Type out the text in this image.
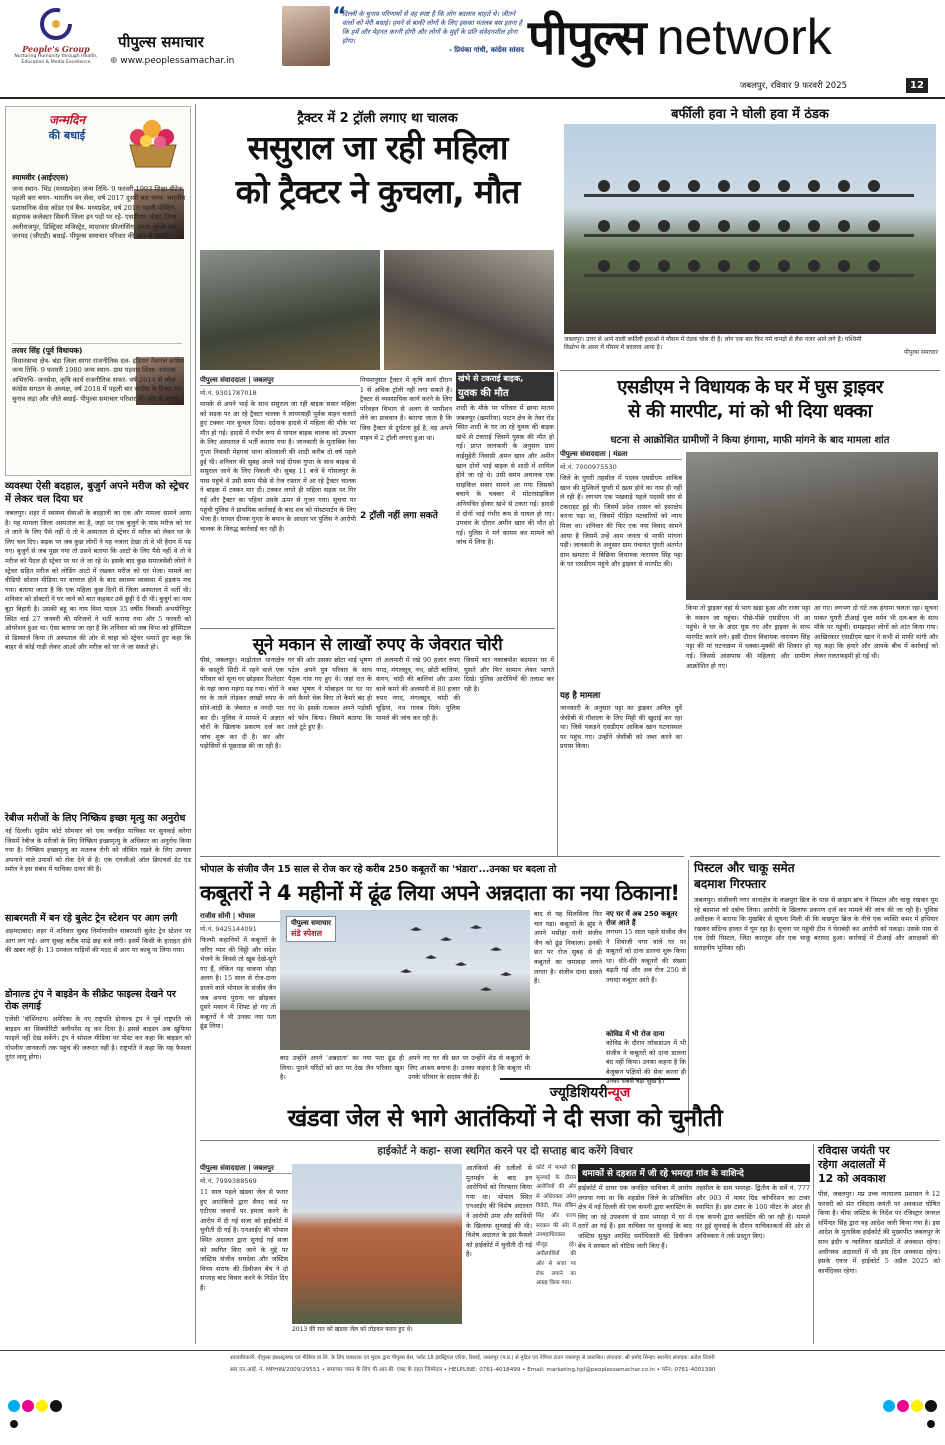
People's Group
Nurturing Humanity through Health, Education & Media Excellence
पीपुल्स समाचार
⊕ www.peoplessamachar.in
“
दिल्ली के चुनाव परिणामों से वह स्पष्ट है कि लोग बदलाव चाहते थे। जीतने वालों को मेरी बधाई। हमने से बाकी लोगों के लिए इसका मतलब बस इतना है कि हमें और मेहनत करनी होगी और लोगों के मुद्दों के प्रति संवेदनशील होना होगा।
- प्रियंका गांधी, कांग्रेस सांसद पीपुल्स network
जबलपुर, रविवार 9 फरवरी 2025	12
जन्मदिन
की बधाई
श्यामवीर (आईएएस)
जन्म स्थान- भिंड (मध्यप्रदेश) जन्म तिथि- 9 फरवरी 1993 शिक्षा-बीटेक पहली बार चयन- भारतीय वन सेवा, वर्ष 2017 दूसरी बार चयन- भारतीय प्रशासनिक सेवा कॉडर एवं बैच- मध्यप्रदेश, वर्ष 2018 पहली पोस्टिंग- सहायक कलेक्टर सिवनी जिला इन पदों पर रहे- एसडीएम जोबट जिला अलीराजपुर, डिस्ट्रिक्ट मजिस्ट्रेट, मादरवार फ्रीलांसिंग, प्रभार मुक्ति तक - जनपद (जीएडी) बधाई- पीपुल्स समाचार परिवार की ओर से बधाई।
तरवर सिंह (पूर्व विधायक)
विधानसभा क्षेत्र- बंडा जिला सागर राजनीतिक दल- इंडियन नेशनल कांग्रेस जन्म तिथि- 9 फरवरी 1980 जन्म स्थान- ग्राम पड़वार शिक्षा- स्नातक अभिरुचि- जनसेवा, कृषि कार्य राजनीतिक सफर- वर्ष 2014 से लोक कांग्रेस सगठन के अध्यक्ष, वर्ष 2018 में पहली बार कांग्रेस के टिकट पर चुनाव लड़ा और जीते बधाई- पीपुल्स समाचार परिवार की ओर से बधाई
व्यवस्था ऐसी बदहाल, बुजुर्ग अपने मरीज को स्ट्रेचर में लेकर चल दिया घर
जबलपुर। शहर में स्वास्थ्य सेवाओं के बदहाली का एक और मामला सामने आया है। यह मामला जिला अस्पताल का है, जहां पर एक बुजुर्ग के पास मरीज को घर ले जाने के लिए पैसे नहीं थे तो वे अस्पताल से स्ट्रेचर में मरीज को लेकर घर के लिए चल दिए। सड़क पर जब कुछ लोगों ने यह नजारा देखा तो वे भी हैरान में पड़ गए। बुजुर्ग से जब पूछा गया तो उसने बताया कि आटो के लिए पैसे नहीं थे तो वे मरीज को पैदल ही स्ट्रेचर पर घर ले जा रहे थे। इसके बाद कुछ समाजसेवी लोगों ने स्ट्रेचर सहित मरीज को लोडिंग आटो में रखकर मरीज को घर भेजा। मामले का वीडियो सोशल मीडिया पर वायरल होने के बाद स्वास्थ्य व्यवस्था में हड़कंप मच गया। बताया जाता है कि एक महिला कुछ दिनों से जिला अस्पताल में भर्ती थी। शनिवार को डॉक्टरों ने घर जाने को बात कहकर उसे छुट्टी दे दी थी। बुजुर्ग का नाम बूटा बिहारी है। उसकी बहू का नाम विमा यादव 35 वर्षीय निवासी अभयोनिपुर स्थित वार्ड 27 जनवरी की परिजनों ने भर्ती कराया गया और 5 फरवरी को ऑपरेशन हुआ था। ऐसा बताया जा रहा है कि शनिवार को जब विभा को हॉस्पिटल से डिस्चार्ज किया तो अस्पताल की ओर से चाहा को स्ट्रेचर थमाते हुए कहा कि बाहर से कोई गाड़ी लेकर आओ और मरीज को घर ले जा सकते हो।
रेबीज मरीजों के लिए निष्क्रिय इच्छा मृत्यु का अनुरोध
नई दिल्ली। सुप्रीम कोर्ट सोमवार को एक जनहित याचिका पर सुनवाई करेगा जिसमें रेबीज के मरीजों के लिए निष्क्रिय इच्छामृत्यु के अधिकार का अनुरोध किया गया है। निष्क्रिय इच्छामृत्यु का मतलब रोगी को जीवित रखने के लिए उपचार अपनाने वाले उपायों को रोक देने से है। एक एनजीओ ऑल क्रिएचर्स ग्रेट एंड स्मॉल ने इस संबंध में याचिका दायर की है।
साबरमती में बन रहे बुलेट ट्रेन स्टेशन पर आग लगी
अहमदाबाद। शहर में शनिवार सुबह निर्माणाधीन साबरमती बुलेट ट्रेन स्टेशन पर आग लग गई। आग सुबह करीब साढ़े छह बजे लगी। इसमें किसी के हताहत होने की खबर नहीं है। 13 दमकल गाड़ियों की मदद से आग पर काबू पा लिया गया।
डोनाल्ड ट्रंप ने बाइडेन के सीक्रेट फाइल्स देखने पर रोक लगाई
एजेंसी 'वॉशिंगटन। अमेरिका के नए राष्ट्रपति डोनाल्ड ट्रंप ने पूर्व राष्ट्रपति जो बाइडन का सिक्योरिटी क्लीयरेंस रद्द कर दिया है। इससे बाइडन अब खुफिया फाइलें नहीं देख सकेंगे। ट्रंप ने सोशल मीडिया पर पोस्ट कर कहा कि बाइडन को गोपनीय जानकारी तक पहुंच की जरूरत नहीं है। राष्ट्रपति ने कहा कि यह फैसला तुरंत लागू होगा।
ट्रैक्टर में 2 ट्रॉली लगाए था चालक
ससुराल जा रही महिला
को ट्रैक्टर ने कुचला, मौत
पीपुल्स संवाददाता | जबलपुर
मो.नं. 9301787018
मायके से अपने भाई के साथ ससुराल जा रही बाइक सवार महिला को सड़क पर आ रहे ट्रैक्टर चालक ने लापरवाही पूर्वक वाहन चलाते हुए टक्कर मार कुचल दिया। दर्दनाक हादसे में महिला की मौके पर मौत हो गई। हादसे में गंभीर रूप से घायल बाइक चालक को उपचार के लिए अस्पताल में भर्ती कराया गया है। जानकारी के मुताबिक रेवा गुप्ता निवासी मेहगवां थाना कोतवाली की शादी करीब दो वर्ष पहले हुई थी। शनिवार की सुबह अपने भाई दीपक गुप्ता के साथ बाइक से ससुराल जाने के लिए निकली थी। सुबह 11 बजे वे गोसलपुर के पास पहुंचे थे उसी समय पीछे से तेज रफ्तार में आ रहे ट्रैक्टर चालक ने बाइक में टक्कर मार दी। टक्कर लगते ही महिला सड़क पर गिर गई और ट्रैक्टर का पहिया उसके ऊपर से गुजर गया। सूचना पर पहुंची पुलिस ने प्राथमिक कार्रवाई के बाद शव को पोस्टमार्टम के लिए भेजा है। घायल दीपक गुप्ता के बयान के आधार पर पुलिस ने आरोपी चालक के विरुद्ध कार्रवाई कर रही है।
नियमानुसार ट्रैक्टर में कृषि कार्य दौरान 1 से अधिक ट्रॉली नहीं लगा सकते हैं। ट्रैक्टर से व्यवसायिक कार्य करने के लिए परिवहन विभाग से अलग से परमीशन लेने का प्रावधान है। बताया जाता है कि जिस ट्रैक्टर से दुर्घटना हुई है, वह अपने वाहन में 2 ट्रॉली लगाए हुआ था।
2 ट्रॉली नहीं लगा सकते
खंभे से टकराई बाइक,
युवक की मौत
शादी के मौके पर परिवार में छाया मातम जबलपुर (खमरिया) पाटन क्षेत्र के तेवर रोड स्थित शादी के घर जा रहे युवक की बाइक खंभे से टकराई जिसमें युवक की मौत हो गई। प्राप्त जानकारी के अनुसार ग्राम वाईमुहेरी निवासी अमन खान और अमीन खान दोनों भाई बाइक से शादी में शामिल होने जा रहे थे। उसी समय अचानक एक साइकिल सवार सामने आ गया जिसको बचाने के चक्कर में मोटरसाइकिल अनियंत्रित होकर खंभे से टकरा गई। हादसे में दोनों भाई गंभीर रूप से घायल हो गए। उपचार के दौरान अमीन खान की मौत हो गई। पुलिस ने मर्ग कायम कर मामले को जांच में लिया है।
बर्फीली हवा ने घोली हवा में ठंडक
जबलपुर। उत्तर से आने वाली बर्फीली हवाओं ने मौसम में ठंडक घोल दी है। लोग एक बार फिर गर्म कपड़ों से लैस नजर आने लगे हैं। पश्चिमी विक्षोभ के असर में मौसम में बदलाव आया है।
पीपुल्स समाचार
एसडीएम ने विधायक के घर में घुस ड्राइवर
से की मारपीट, मां को भी दिया धक्का
घटना से आक्रोशित ग्रामीणों ने किया हंगामा, माफी मांगने के बाद मामला शांत
पीपुल्स संवाददाता | मंडला
मो.नं. 7000975530
जिले के घुघरी तहसील में पदस्थ एसडीएम आकिब खान की मुश्किलें घुघरी में खत्म होने का नाम ही नहीं ले रही हैं। लगभग एक पखवाड़े पहले पदस्थी संघ से टकराहट हुई थी। जिसमें प्रदेश शासन को हस्तक्षेप करना पड़ा था, जिसमें पीड़ित पटवारियों को न्याय मिला था। शनिवार की फिर एक नया विवाद सामने आया है जिसमें उन्हें आम जनता से माफी मांगना पड़ी। जानकारी के अनुसार ग्राम पंचायत घुघरी अंतर्गत ग्राम खमतरा में बिछिया विधायक नारायण सिंह पट्टा के घर एसडीएम पहुंचे और ड्राइवर से मारपीट की।
यह है मामला
जानकारी के अनुसार पट्टा का ड्राइवर अनिल धुर्वे जेसीबी से गौशाला के लिए मिट्टी की खुदाई कर रहा था। जिसे पकड़ने एसडीएम आकिब खान घटनास्थल पर पहुंच गए। उन्होंने जेसीबी को जब्त करने का प्रयास किया।
किया तो ड्राइवर वहां से भाग खड़ा हुआ और राजा पट्टा के मकान जा पहुंचा। पीछे-पीछे एसडीएम भी आ पहुंचे। वे घर के अंदर घुस गए और ड्राइवर के साथ मारपीट करने लगे। इसी दौरान विधायक नारायण सिंह पट्टा की मां घटनाक्रम में धक्का-मुक्की की शिकार हो गईं। जिससे आसपास की महिलाएं और ग्रामीण आक्रोशित हो गए।
आ गए। लगभग दो घंटे तक हंगामा चलता रहा। सूचना पाकर घुघरी टीआई पूजा वर्मन भी दल-बल के साथ मौके पर पहुंचीं। समझाइश लोगों को शांत किया गया। आखिरकार एसडीएम खान ने सभी से माफी मांगी और यह कहा कि हमारे और आपके बीच में कार्रवाई को लेकर गलतफहमी हो गई थी।
सूने मकान से लाखों रुपए के जेवरात चोरी
पीसं, जबलपुर। माढ़ोताल थानाक्षेत्र के कस्तूरी सिटी में रहने वाले एक परिवार को सूना घर छोड़कर रिश्तेदार के यहां जाना महंगा पड़ गया। चोरों ने घर के ताले तोड़कर लाखों रुपए के सोने-चांदी के जेवरात व नगदी पार कर दी। पुलिस ने मामले में अज्ञात चोरों के खिलाफ प्रकरण दर्ज कर जांच शुरू कर दी है। कर और पड़ोसियों से पूछताछ की जा रही है।
घर की ओर उसका छोटा भाई भूषण पटेल अपने पुत्र परिवार के साथ पैतृक गांव गए हुए थे। जहां रात के वक्त भूषण ने मोबाइल पर घर पर लगे कैमरे चेक किए तो कैमरे बंद हो गए थे। इसके तत्काल अपने पड़ोसी को फोन किया। जिसने बताया कि ताले टूटे हुए हैं।
तो अलमारी में रखे 90 हजार रुपए नगद, मंगलसूत्र, नथ, छोटी बालियां, कंगन, चांदी की बालियां और ऊपर वाले कमरे की अलमारी से 80 हजार रुपए नगद, मंगलसूत्र, चांदी की चूड़ियां, नथ गायब मिले। पुलिस मामले की जांच कर रही है।
जिसमें चार नकाबपोश बदमाश घर में घुसते और फिर सामान लेकर भागते दिखे। पुलिस आरोपियों की तलाश कर रही है।
भोपाल के संजीव जैन 15 साल से रोज कर रहे करीब 250 कबूतरों का 'भंडारा'...उनका घर बदला तो
कबूतरों ने 4 महीनों में ढूंढ लिया अपने अन्नदाता का नया ठिकाना!
राजीव सोनी | भोपाल
मो.नं. 9425144091
पीपुल्स समाचार
संडे स्पेशल
फिल्मी कहानियों में कबूतरों के जरिए प्यार की चिट्ठी और संदेश भेजने के किस्से तो खूब देखे-सुने गए हैं, लेकिन यह वाकया थोड़ा अलग है। 15 साल से रोज-दाना डालने वाले भोपाल के संजीव जैन जब अपना पुराना घर छोड़कर दूसरे मकान में शिफ्ट हो गए तो कबूतरों ने भी उनका नया पता ढूंढ लिया।
बाद उन्होंने अपने 'अन्नदाता' का नया पता ढूंढ ही लिया। पुराने परिंदों को छत पर देख जैन परिवार खुश है।
अपने नए घर की छत पर उन्होंने शेड से कबूतरों के लिए आश्रय बनाया है। उनका कहना है कि कबूतर भी उनके परिवार के सदस्य जैसे हैं।
बाद से यह सिलसिला फिर चल पड़ा। कबूतरों के झुंड ने अपने मसीहा यानी संजीव जैन को ढूंढ निकाला। इनकी छत पर रोज सुबह से ही कबूतरों का जमावड़ा लगने लगता है। संजीव दाना डालते हैं।
नए घर में अब 250 कबूतर रोज आते हैं
लगभग 15 साल पहले संजीव जैन ने शिवाजी नगर वाले घर पर कबूतरों को दाना डालना शुरू किया था। धीरे-धीरे कबूतरों की संख्या बढ़ती गई और अब रोज 250 से ज्यादा कबूतर आते हैं।
कोविड में भी रोज दाना
कोविड के दौरान लॉकडाउन में भी संजीव ने कबूतरों को दाना डालना बंद नहीं किया। उनका कहना है कि बेजुबान पक्षियों की सेवा करना ही उनका सबसे बड़ा सुख है।
पिस्टल और चाकू समेत
बदमाश गिरफ्तार
जबलपुर। संजीवनी नगर थानाक्षेत्र के कछपुरा ब्रिज के पास से क्राइम ब्रांच ने पिस्टल और चाकू रखकर घूम रहे बदमाश को दबोच लिया। आरोपी के खिलाफ प्रकरण दर्ज कर मामले की जांच की जा रही है। पुलिस अधीक्षक ने बताया कि मुखबिर से सूचना मिली थी कि कछपुरा ब्रिज के नीचे एक व्यक्ति कमर में हथियार रखकर संदिग्ध हालत में घूम रहा है। सूचना पर पहुंची टीम ने घेराबंदी कर आरोपी को पकड़ा। उसके पास से एक देसी पिस्टल, जिंदा कारतूस और एक चाकू बरामद हुआ। कार्रवाई में टीआई और आरक्षकों की सराहनीय भूमिका रही।
ज्यूडिशियरीन्यूज
खंडवा जेल से भागे आतंकियों ने दी सजा को चुनौती
हाईकोर्ट ने कहा- सजा स्थगित करने पर दो सप्ताह बाद करेंगे विचार
पीपुल्स संवाददाता | जबलपुर
मो.नं. 7999388569
11 साल पहले खंडवा जेल से फरार हुए आतंकियों द्वारा सैयद वार्ड पर एटीएस जवानों पर हमला करने के आरोप में दी गई सजा को हाईकोर्ट में चुनौती दी गई है। एनआईए की भोपाल स्थित अदालत द्वारा सुनाई गई सजा को स्थगित किए जाने के मुद्दे पर जस्टिस संजीव सचदेवा और जस्टिस विनय सराफ की डिवीजन बेंच ने दो सप्ताह बाद विचार करने के निर्देश दिए हैं।
2013 की रात को खंडवा जेल को तोड़कर फरार हुए थे।
आतंकियों की दलीलों से मुतमईन के बाद इन आरोपियों को गिरफ्तार किया गया था। भोपाल स्थित एनआईए की विशेष अदालत ने आरोपी उमर और साथियों के खिलाफ सुनवाई की थी। विशेष अदालत के इस फैसले को हाईकोर्ट में चुनौती दी गई है।
कोर्ट में मामले की सुनवाई के दौरान आरोपियों की ओर से अधिवक्ता उमेश त्रिवेदी, मिस रॉबिन सिंह और राज्य सरकार की ओर से उपमहाधिवक्ता मौजूद रहे। अपीलार्थियों की ओर से सजा पर रोक लगाने का आग्रह किया गया।
धमाकों से दहशत में जी रहे भमरहा गांव के वाशिन्दे
हाईकोर्ट में दायर एक जनहित याचिका में आरोप लगाया गया था कि शहडोल जिले के प्रतिबंधित क्षेत्र में नई दिल्ली की एक कंपनी द्वारा ब्लास्टिंग के लिए जा रहे उपकरण से ग्राम भमरहा में घर में दरारें आ गई हैं। इस याचिका पर सुनवाई के बाद जस्टिस सुश्रुत अरविंद धर्माधिकारी की डिवीजन बेंच ने सरकार को नोटिस जारी किए हैं।
तहसील के ग्राम भमरहा- द्वितीय के सर्वे नं. 777 और 903 में पावर ग्रिड कॉर्पोरेशन का टावर स्थापित है। इस टावर के 100 मीटर के अंदर ही एक कंपनी द्वारा ब्लास्टिंग की जा रही है। मामले पर हुई सुनवाई के दौरान याचिकाकर्ता की ओर से अधिवक्ता ने तर्क प्रस्तुत किए।
रविदास जयंती पर
रहेगा अदालतों में
12 को अवकाश
पीसं, जबलपुर। मप्र उच्च न्यायालय प्रशासन ने 12 फरवरी को संत रविदास जयंती पर अवकाश घोषित किया है। चीफ जस्टिस के निर्देश पर रजिस्ट्रार जनरल धर्मिन्दर सिंह द्वारा यह आदेश जारी किया गया है। इस आदेश के मुताबिक हाईकोर्ट की मुख्यपीठ जबलपुर के साथ इंदौर व ग्वालियर खंडपीठों में अवकाश रहेगा। अधीनस्थ अदालतों में भी इस दिन अवकाश रहेगा। इसके एवज में हाईकोर्ट 5 अप्रैल 2025 को कार्यदिवस रहेगा।
स्वत्वाधिकारी: पीपुल्स इंफ्रास्ट्रक्चर एवं मीडिया प्रा.लि. के लिए प्रकाशक एवं मुद्रक द्वारा पीपुल्स प्रेस, प्लॉट 18 इंडस्ट्रियल एरिया, रिछाई, जबलपुर (म.प्र.) से मुद्रित एवं नेपियर टाउन जबलपुर से प्रकाशित। संपादक: श्री प्रमोद सिन्हा। स्थानीय संपादक: ब्रजेश तिवारी
आर.एन.आई. नं. MPHIN/2009/29551 • समाचार चयन के लिए पी.आर.बी. एक्ट के तहत जिम्मेदार • HELPLINE: 0761-4018499 • Email: marketing.hpl@peoplessamachar.co.in • फोन: 0761-4001390
